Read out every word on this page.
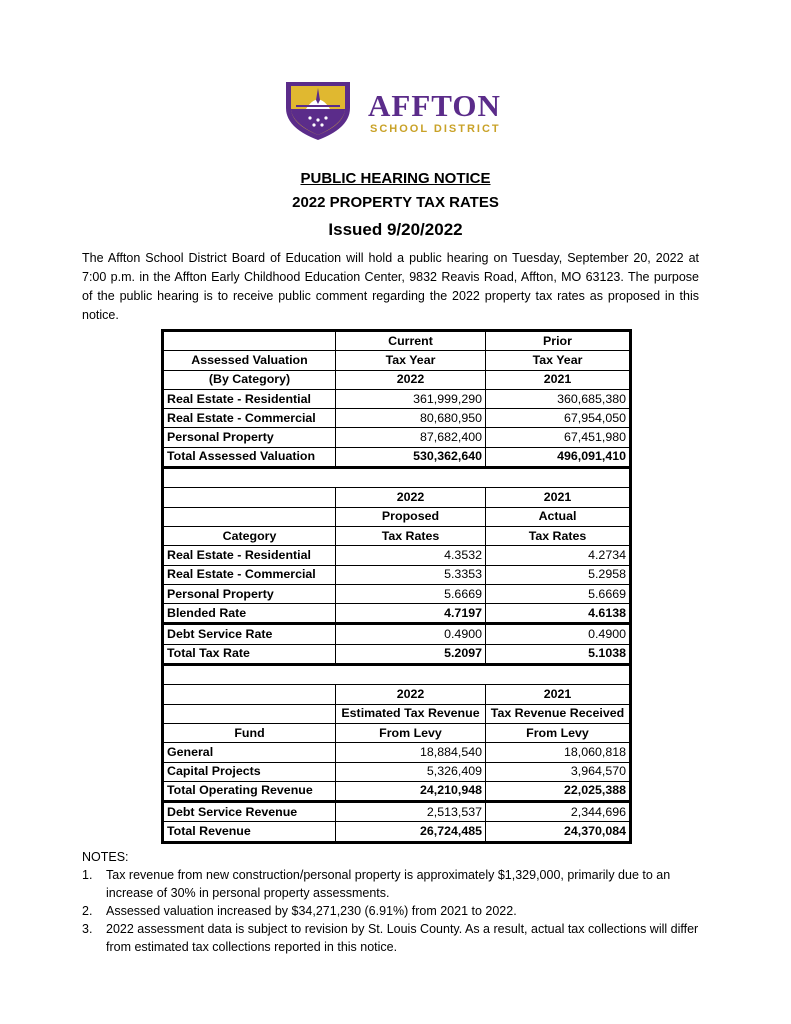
AFFTON
SCHOOL DISTRICT
PUBLIC HEARING NOTICE
2022 PROPERTY TAX RATES
Issued 9/20/2022
The Affton School District Board of Education will hold a public hearing on Tuesday, September 20, 2022 at 7:00 p.m. in the Affton Early Childhood Education Center, 9832 Reavis Road, Affton, MO 63123. The purpose of the public hearing is to receive public comment regarding the 2022 property tax rates as proposed in this notice.
	Current	Prior
Assessed Valuation	Tax Year	Tax Year
(By Category)	2022	2021
Real Estate - Residential	361,999,290	360,685,380
Real Estate - Commercial	80,680,950	67,954,050
Personal Property	87,682,400	67,451,980
Total Assessed Valuation	530,362,640	496,091,410

	2022	2021
	Proposed	Actual
Category	Tax Rates	Tax Rates
Real Estate - Residential	4.3532	4.2734
Real Estate - Commercial	5.3353	5.2958
Personal Property	5.6669	5.6669
Blended Rate	4.7197	4.6138
Debt Service Rate	0.4900	0.4900
Total Tax Rate	5.2097	5.1038

	2022	2021
	Estimated Tax Revenue	Tax Revenue Received
Fund	From Levy	From Levy
General	18,884,540	18,060,818
Capital Projects	5,326,409	3,964,570
Total Operating Revenue	24,210,948	22,025,388
Debt Service Revenue	2,513,537	2,344,696
Total Revenue	26,724,485	24,370,084
NOTES:
1. Tax revenue from new construction/personal property is approximately $1,329,000, primarily due to an increase of 30% in personal property assessments.
2. Assessed valuation increased by $34,271,230 (6.91%) from 2021 to 2022.
3. 2022 assessment data is subject to revision by St. Louis County. As a result, actual tax collections will differ from estimated tax collections reported in this notice.
